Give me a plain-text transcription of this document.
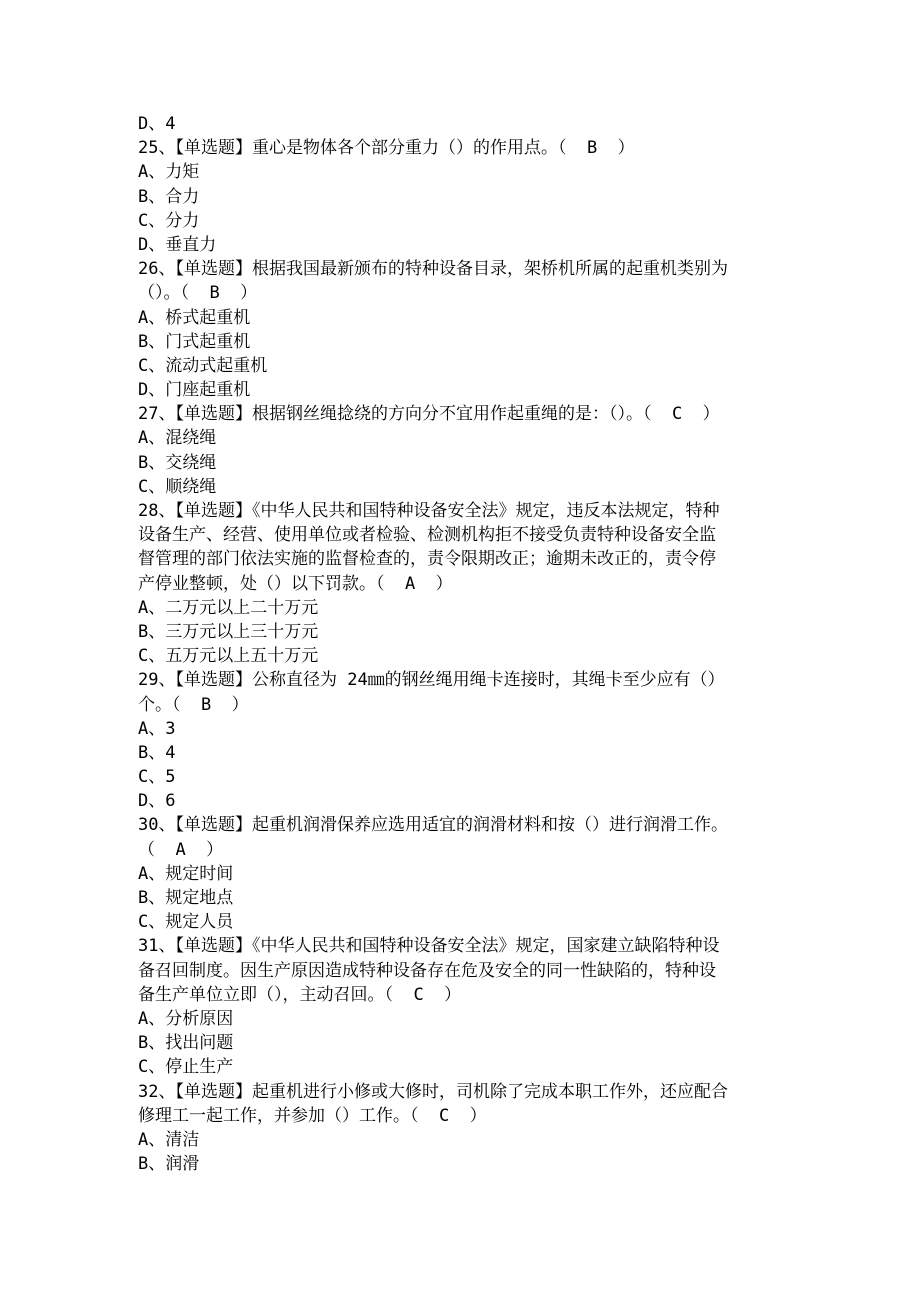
D、4
25、【单选题】重心是物体各个部分重力（）的作用点。（  B  ）
A、力矩
B、合力
C、分力
D、垂直力
26、【单选题】根据我国最新颁布的特种设备目录，架桥机所属的起重机类别为
（）。（  B  ）
A、桥式起重机
B、门式起重机
C、流动式起重机
D、门座起重机
27、【单选题】根据钢丝绳捻绕的方向分不宜用作起重绳的是：（）。（  C  ）
A、混绕绳
B、交绕绳
C、顺绕绳
28、【单选题】《中华人民共和国特种设备安全法》规定，违反本法规定，特种
设备生产、经营、使用单位或者检验、检测机构拒不接受负责特种设备安全监
督管理的部门依法实施的监督检查的，责令限期改正；逾期未改正的，责令停
产停业整顿，处（）以下罚款。（  A  ）
A、二万元以上二十万元
B、三万元以上三十万元
C、五万元以上五十万元
29、【单选题】公称直径为 24㎜的钢丝绳用绳卡连接时，其绳卡至少应有（）
个。（  B  ）
A、3
B、4
C、5
D、6
30、【单选题】起重机润滑保养应选用适宜的润滑材料和按（）进行润滑工作。
（  A  ）
A、规定时间
B、规定地点
C、规定人员
31、【单选题】《中华人民共和国特种设备安全法》规定，国家建立缺陷特种设
备召回制度。因生产原因造成特种设备存在危及安全的同一性缺陷的，特种设
备生产单位立即（），主动召回。（  C  ）
A、分析原因
B、找出问题
C、停止生产
32、【单选题】起重机进行小修或大修时，司机除了完成本职工作外，还应配合
修理工一起工作，并参加（）工作。（  C  ）
A、清洁
B、润滑
